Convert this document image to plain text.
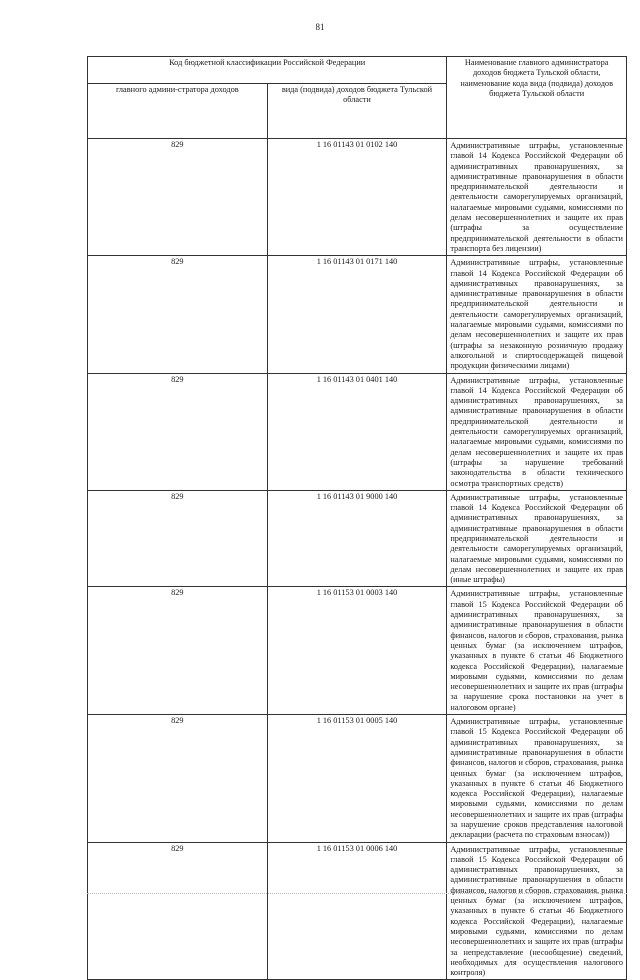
81
Код бюджетной классификации Российской Федерации		Наименование главного администратора доходов бюджета Тульской области, наименование кода вида (подвида) доходов бюджета Тульской области
главного админи-стратора доходов	вида (подвида) доходов бюджета Тульской области	
829	1 16 01143 01 0102 140	Административные штрафы, установленные главой 14 Кодекса Российской Федерации об административных правонарушениях, за административные правонарушения в области предпринимательской деятельности и деятельности саморегулируемых организаций, налагаемые мировыми судьями, комиссиями по делам несовершеннолетних и защите их прав (штрафы за осуществление предпринимательской деятельности в области транспорта без лицензии)
829	1 16 01143 01 0171 140	Административные штрафы, установленные главой 14 Кодекса Российской Федерации об административных правонарушениях, за административные правонарушения в области предпринимательской деятельности и деятельности саморегулируемых организаций, налагаемые мировыми судьями, комиссиями по делам несовершеннолетних и защите их прав (штрафы за незаконную розничную продажу алкогольной и спиртосодержащей пищевой продукции физическими лицами)
829	1 16 01143 01 0401 140	Административные штрафы, установленные главой 14 Кодекса Российской Федерации об административных правонарушениях, за административные правонарушения в области предпринимательской деятельности и деятельности саморегулируемых организаций, налагаемые мировыми судьями, комиссиями по делам несовершеннолетних и защите их прав (штрафы за нарушение требований законодательства в области технического осмотра транспортных средств)
829	1 16 01143 01 9000 140	Административные штрафы, установленные главой 14 Кодекса Российской Федерации об административных правонарушениях, за административные правонарушения в области предпринимательской деятельности и деятельности саморегулируемых организаций, налагаемые мировыми судьями, комиссиями по делам несовершеннолетних и защите их прав (иные штрафы)
829	1 16 01153 01 0003 140	Административные штрафы, установленные главой 15 Кодекса Российской Федерации об административных правонарушениях, за административные правонарушения в области финансов, налогов и сборов, страхования, рынка ценных бумаг (за исключением штрафов, указанных в пункте 6 статьи 46 Бюджетного кодекса Российской Федерации), налагаемые мировыми судьями, комиссиями по делам несовершеннолетних и защите их прав (штрафы за нарушение срока постановки на учет в налоговом органе)
829	1 16 01153 01 0005 140	Административные штрафы, установленные главой 15 Кодекса Российской Федерации об административных правонарушениях, за административные правонарушения в области финансов, налогов и сборов, страхования, рынка ценных бумаг (за исключением штрафов, указанных в пункте 6 статьи 46 Бюджетного кодекса Российской Федерации), налагаемые мировыми судьями, комиссиями по делам несовершеннолетних и защите их прав (штрафы за нарушение сроков представления налоговой декларации (расчета по страховым взносам))
829	1 16 01153 01 0006 140	Административные штрафы, установленные главой 15 Кодекса Российской Федерации об административных правонарушениях, за административные правонарушения в области финансов, налогов и сборов, страхования, рынка ценных бумаг (за исключением штрафов, указанных в пункте 6 статьи 46 Бюджетного кодекса Российской Федерации), налагаемые мировыми судьями, комиссиями по делам несовершеннолетних и защите их прав (штрафы за непредставление (несообщение) сведений, необходимых для осуществления налогового контроля)
